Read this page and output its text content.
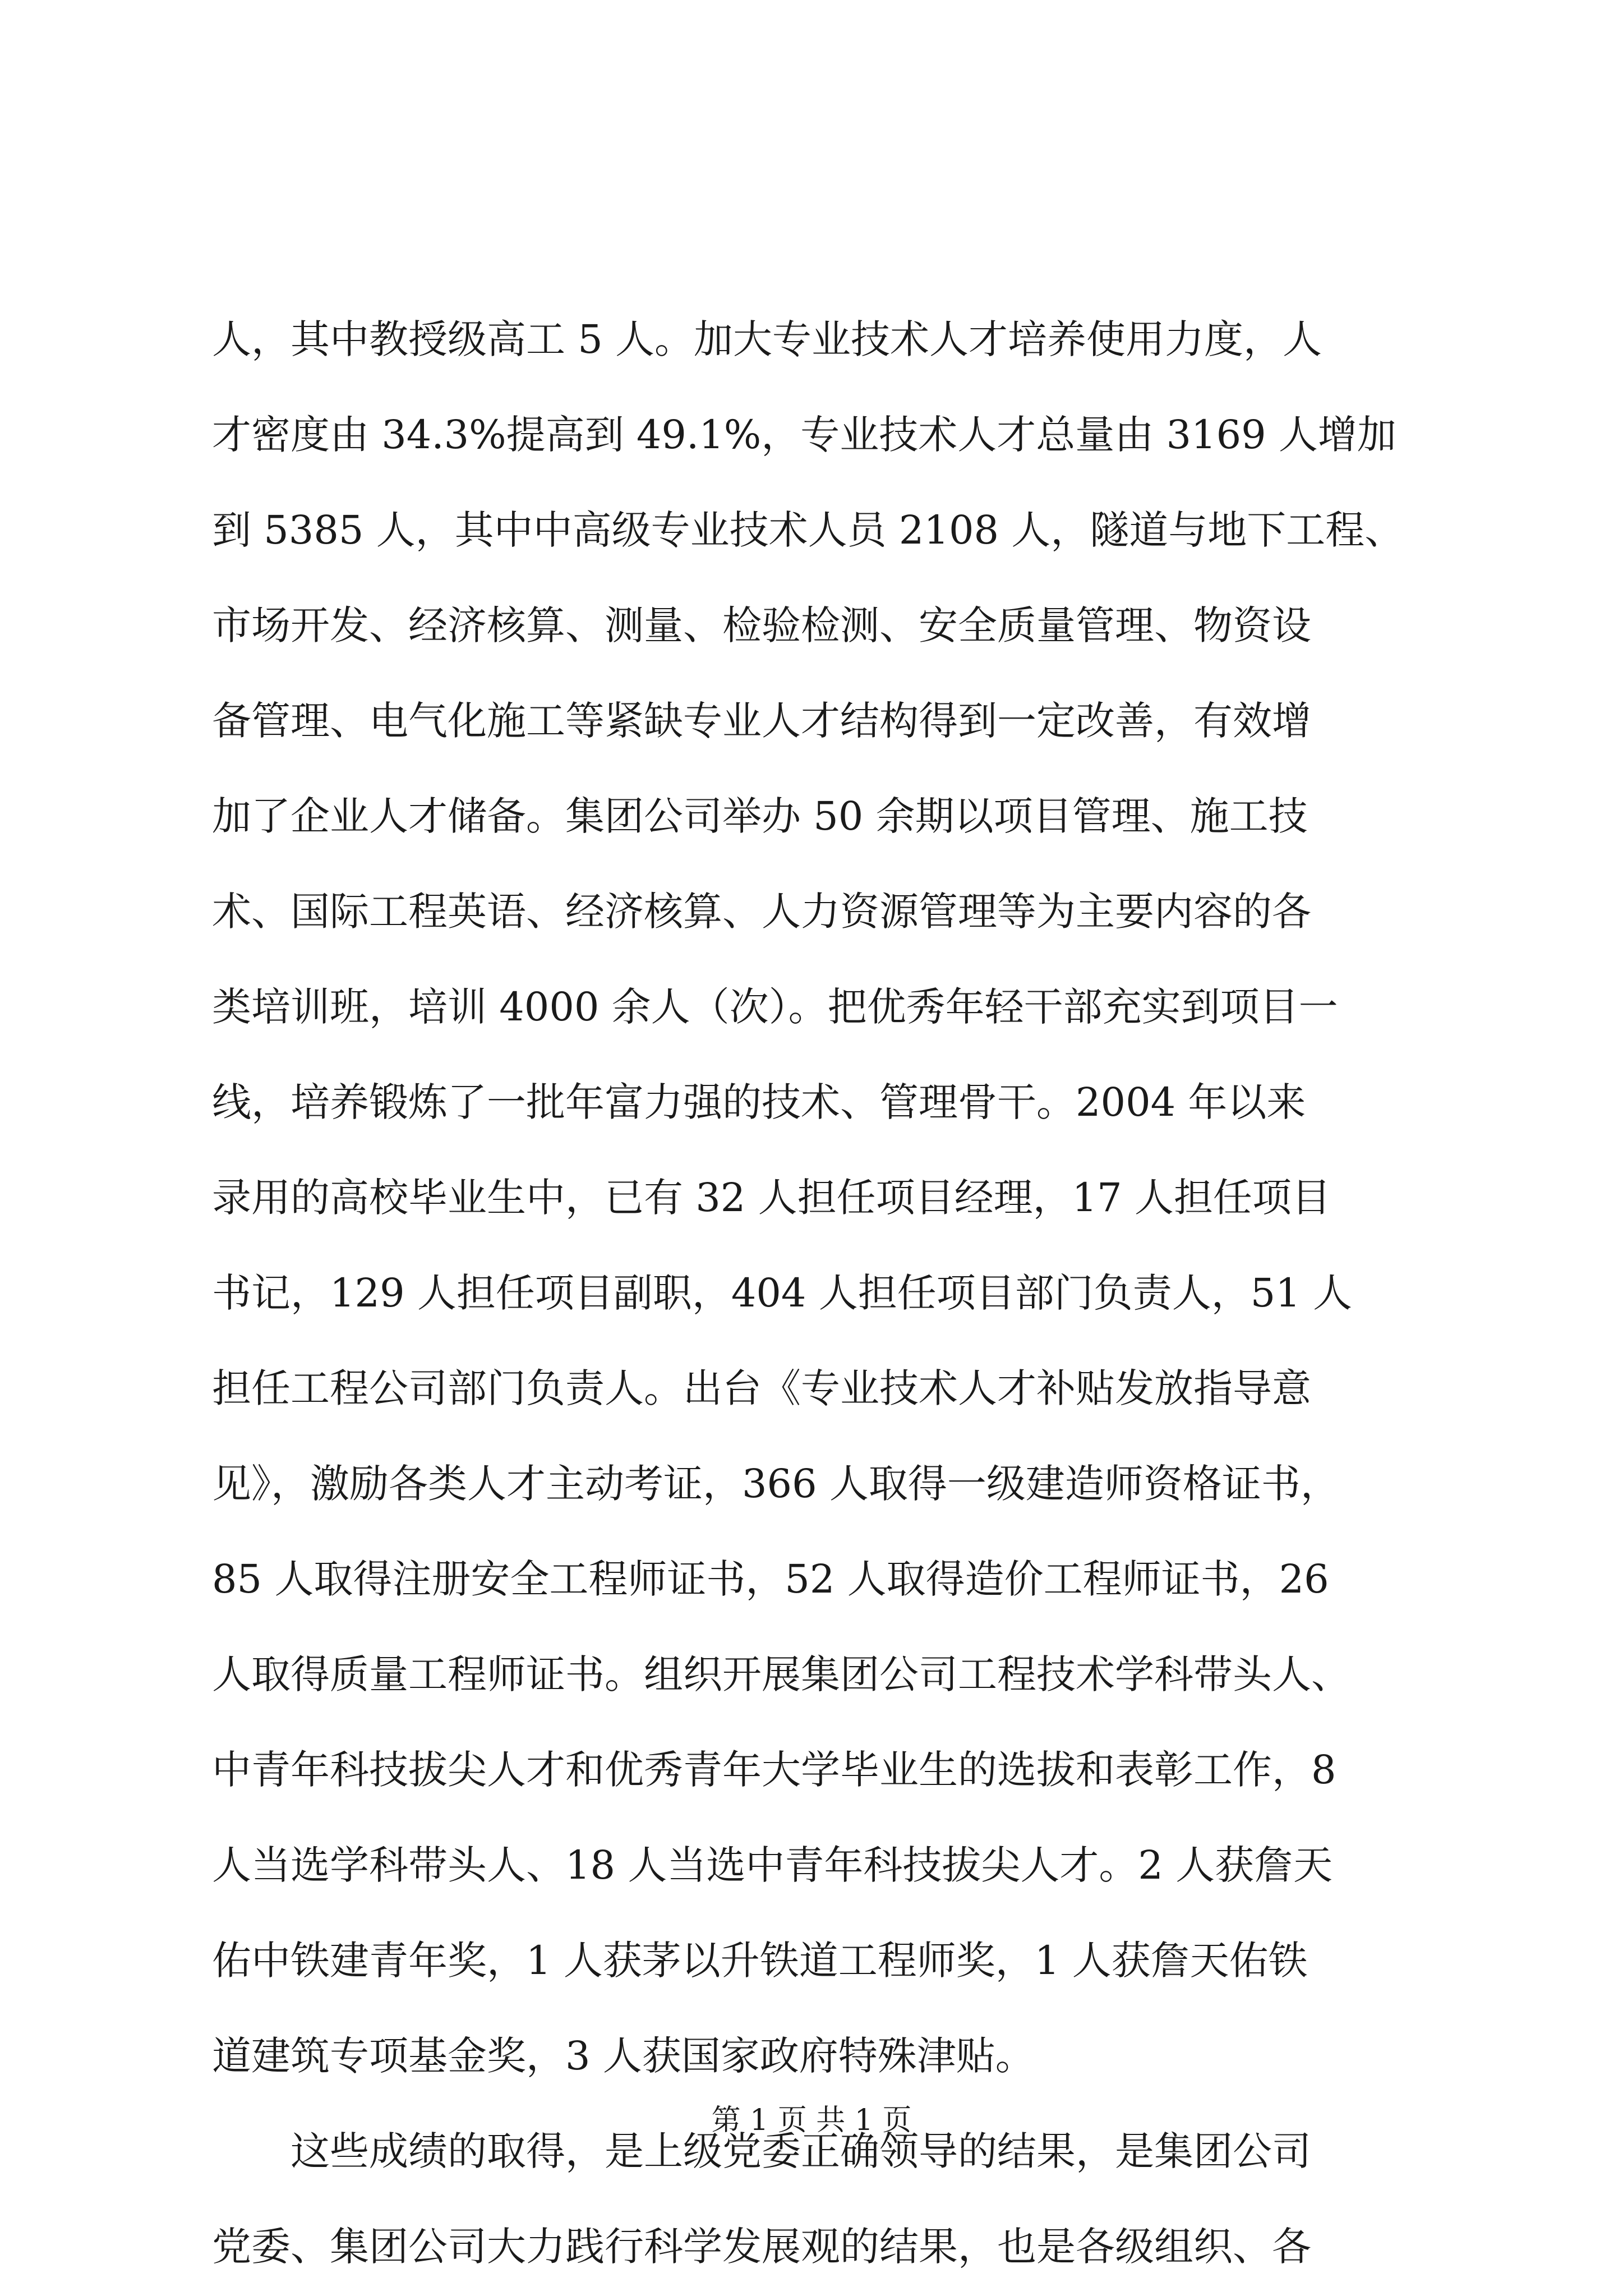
人，其中教授级高工 5 人。加大专业技术人才培养使用力度，人
才密度由 34.3%提高到 49.1%，专业技术人才总量由 3169 人增加
到 5385 人，其中中高级专业技术人员 2108 人，隧道与地下工程、
市场开发、经济核算、测量、检验检测、安全质量管理、物资设
备管理、电气化施工等紧缺专业人才结构得到一定改善，有效增
加了企业人才储备。集团公司举办 50 余期以项目管理、施工技
术、国际工程英语、经济核算、人力资源管理等为主要内容的各
类培训班，培训 4000 余人（次）。把优秀年轻干部充实到项目一
线，培养锻炼了一批年富力强的技术、管理骨干。2004 年以来
录用的高校毕业生中，已有 32 人担任项目经理，17 人担任项目
书记，129 人担任项目副职，404 人担任项目部门负责人，51 人
担任工程公司部门负责人。出台《专业技术人才补贴发放指导意
见》，激励各类人才主动考证，366 人取得一级建造师资格证书，
85 人取得注册安全工程师证书，52 人取得造价工程师证书，26
人取得质量工程师证书。组织开展集团公司工程技术学科带头人、
中青年科技拔尖人才和优秀青年大学毕业生的选拔和表彰工作，8
人当选学科带头人、18 人当选中青年科技拔尖人才。2 人获詹天
佑中铁建青年奖，1 人获茅以升铁道工程师奖，1 人获詹天佑铁
道建筑专项基金奖，3 人获国家政府特殊津贴。
这些成绩的取得，是上级党委正确领导的结果，是集团公司
党委、集团公司大力践行科学发展观的结果，也是各级组织、各
第 1 页 共 1 页
